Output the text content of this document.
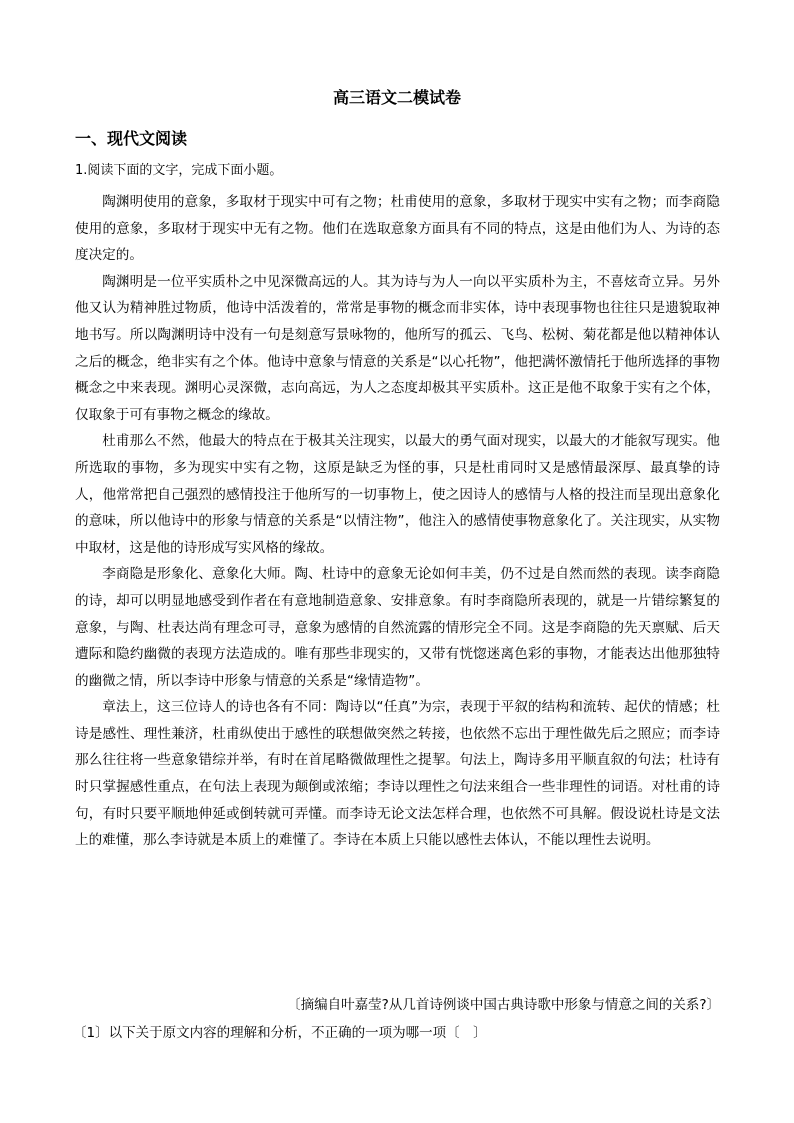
高三语文二模试卷
一、现代文阅读
1.阅读下面的文字，完成下面小题。

陶渊明使用的意象，多取材于现实中可有之物；杜甫使用的意象，多取材于现实中实有之物；而李商隐使用的意象，多取材于现实中无有之物。他们在选取意象方面具有不同的特点，这是由他们为人、为诗的态度决定的。

陶渊明是一位平实质朴之中见深微高远的人。其为诗与为人一向以平实质朴为主，不喜炫奇立异。另外他又认为精神胜过物质，他诗中活泼着的，常常是事物的概念而非实体，诗中表现事物也往往只是遗貌取神地书写。所以陶渊明诗中没有一句是刻意写景咏物的，他所写的孤云、飞鸟、松树、菊花都是他以精神体认之后的概念，绝非实有之个体。他诗中意象与情意的关系是“以心托物”，他把满怀激情托于他所选择的事物概念之中来表现。渊明心灵深微，志向高远，为人之态度却极其平实质朴。这正是他不取象于实有之个体，仅取象于可有事物之概念的缘故。

杜甫那么不然，他最大的特点在于极其关注现实，以最大的勇气面对现实，以最大的才能叙写现实。他所选取的事物，多为现实中实有之物，这原是缺乏为怪的事，只是杜甫同时又是感情最深厚、最真挚的诗人，他常常把自己强烈的感情投注于他所写的一切事物上，使之因诗人的感情与人格的投注而呈现出意象化的意味，所以他诗中的形象与情意的关系是“以情注物”，他注入的感情使事物意象化了。关注现实，从实物中取材，这是他的诗形成写实风格的缘故。

李商隐是形象化、意象化大师。陶、杜诗中的意象无论如何丰美，仍不过是自然而然的表现。读李商隐的诗，却可以明显地感受到作者在有意地制造意象、安排意象。有时李商隐所表现的，就是一片错综繁复的意象，与陶、杜表达尚有理念可寻，意象为感情的自然流露的情形完全不同。这是李商隐的先天禀赋、后天遭际和隐约幽微的表现方法造成的。唯有那些非现实的，又带有恍惚迷离色彩的事物，才能表达出他那独特的幽微之情，所以李诗中形象与情意的关系是“缘情造物”。

章法上，这三位诗人的诗也各有不同：陶诗以“任真”为宗，表现于平叙的结构和流转、起伏的情感；杜诗是感性、理性兼济，杜甫纵使出于感性的联想做突然之转接，也依然不忘出于理性做先后之照应；而李诗那么往往将一些意象错综并举，有时在首尾略微做理性之提挈。句法上，陶诗多用平顺直叙的句法；杜诗有时只掌握感性重点，在句法上表现为颠倒或浓缩；李诗以理性之句法来组合一些非理性的词语。对杜甫的诗句，有时只要平顺地伸延或倒转就可弄懂。而李诗无论文法怎样合理，也依然不可具解。假设说杜诗是文法上的难懂，那么李诗就是本质上的难懂了。李诗在本质上只能以感性去体认，不能以理性去说明。

〔摘编自叶嘉莹?从几首诗例谈中国古典诗歌中形象与情意之间的关系?〕
〔1〕以下关于原文内容的理解和分析，不正确的一项为哪一项〔　〕
